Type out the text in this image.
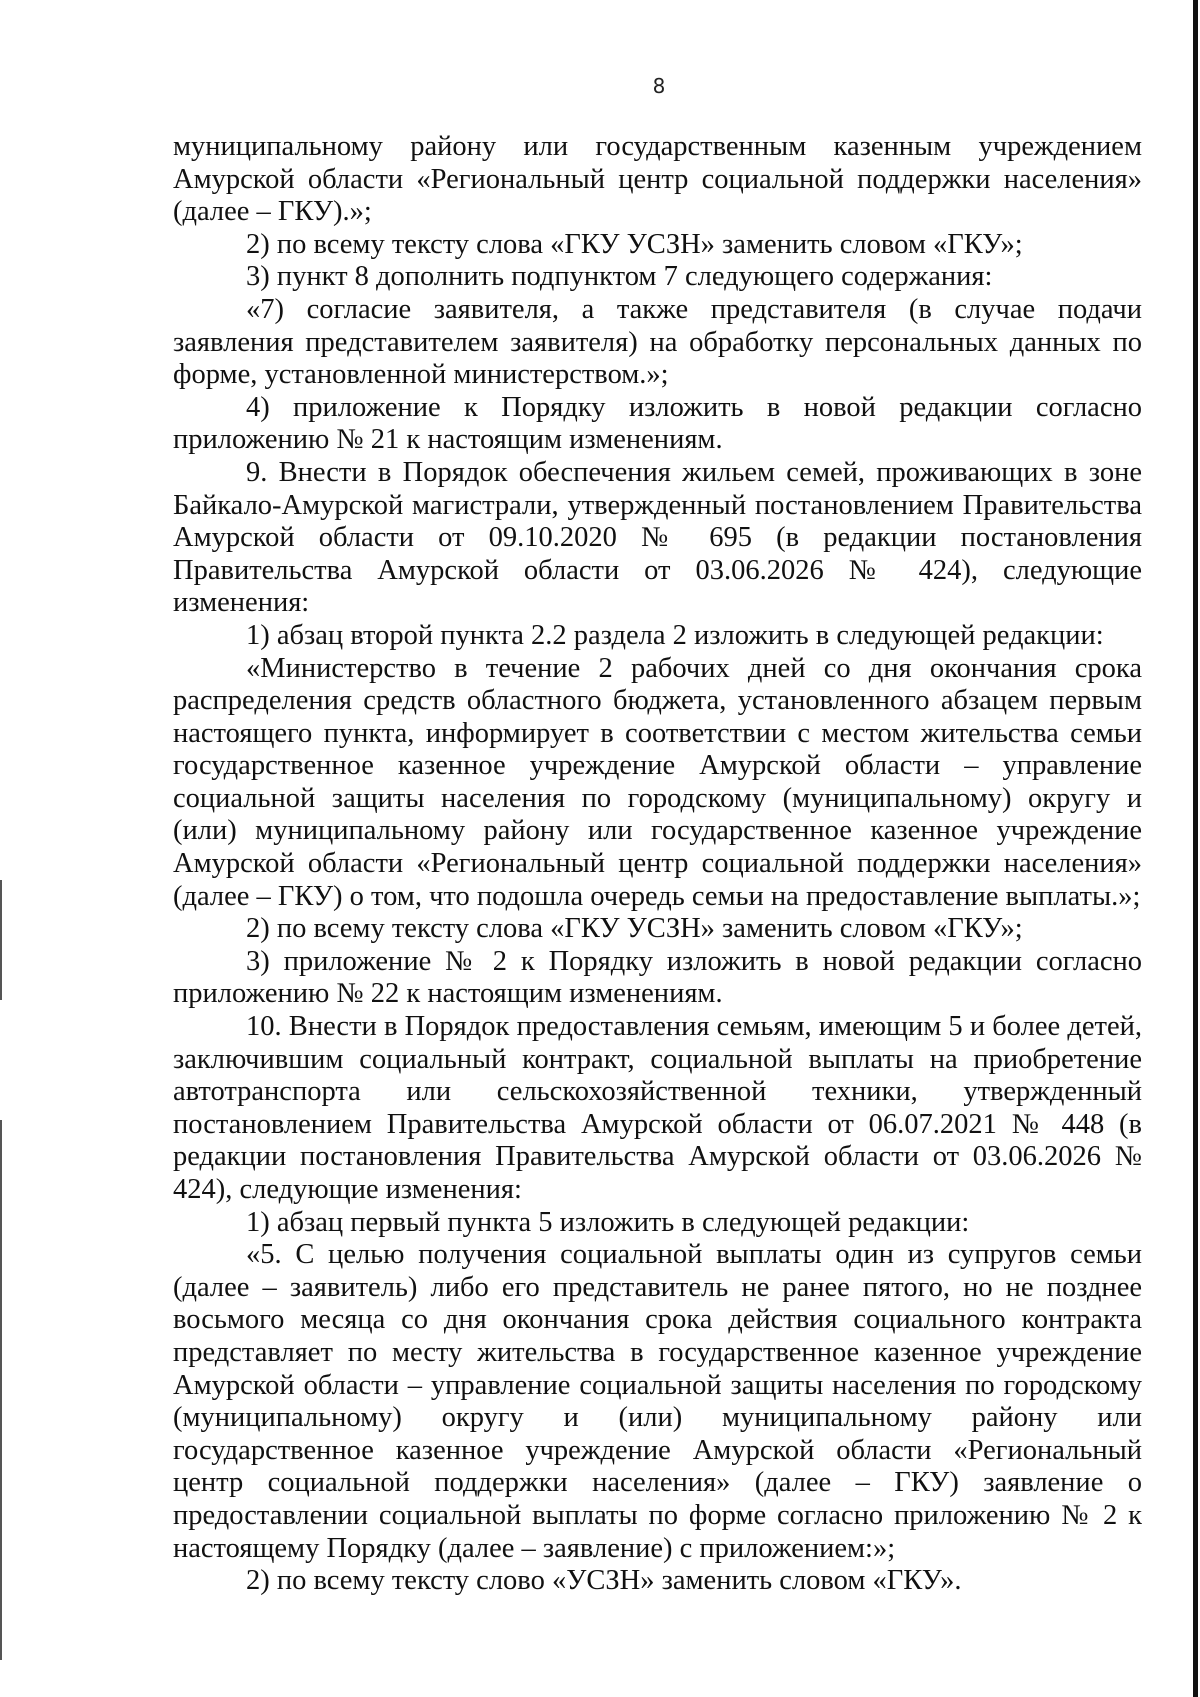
8

муниципальному району или государственным казенным учреждением Амурской области «Региональный центр социальной поддержки населения» (далее – ГКУ).»;

2) по всему тексту слова «ГКУ УСЗН» заменить словом «ГКУ»;

3) пункт 8 дополнить подпунктом 7 следующего содержания:

«7) согласие заявителя, а также представителя (в случае подачи заявления представителем заявителя) на обработку персональных данных по форме, установленной министерством.»;

4) приложение к Порядку изложить в новой редакции согласно приложению № 21 к настоящим изменениям.

9. Внести в Порядок обеспечения жильем семей, проживающих в зоне Байкало-Амурской магистрали, утвержденный постановлением Правительства Амурской области от 09.10.2020 № 695 (в редакции постановления Правительства Амурской области от 03.06.2026 № 424), следующие изменения:

1) абзац второй пункта 2.2 раздела 2 изложить в следующей редакции:

«Министерство в течение 2 рабочих дней со дня окончания срока распределения средств областного бюджета, установленного абзацем первым настоящего пункта, информирует в соответствии с местом жительства семьи государственное казенное учреждение Амурской области – управление социальной защиты населения по городскому (муниципальному) округу и (или) муниципальному району или государственное казенное учреждение Амурской области «Региональный центр социальной поддержки населения» (далее – ГКУ) о том, что подошла очередь семьи на предоставление выплаты.»;

2) по всему тексту слова «ГКУ УСЗН» заменить словом «ГКУ»;

3) приложение № 2 к Порядку изложить в новой редакции согласно приложению № 22 к настоящим изменениям.

10. Внести в Порядок предоставления семьям, имеющим 5 и более детей, заключившим социальный контракт, социальной выплаты на приобретение автотранспорта или сельскохозяйственной техники, утвержденный постановлением Правительства Амурской области от 06.07.2021 № 448 (в редакции постановления Правительства Амурской области от 03.06.2026 № 424), следующие изменения:

1) абзац первый пункта 5 изложить в следующей редакции:

«5. С целью получения социальной выплаты один из супругов семьи (далее – заявитель) либо его представитель не ранее пятого, но не позднее восьмого месяца со дня окончания срока действия социального контракта представляет по месту жительства в государственное казенное учреждение Амурской области – управление социальной защиты населения по городскому (муниципальному) округу и (или) муниципальному району или государственное казенное учреждение Амурской области «Региональный центр социальной поддержки населения» (далее – ГКУ) заявление о предоставлении социальной выплаты по форме согласно приложению № 2 к настоящему Порядку (далее – заявление) с приложением:»;

2) по всему тексту слово «УСЗН» заменить словом «ГКУ».
